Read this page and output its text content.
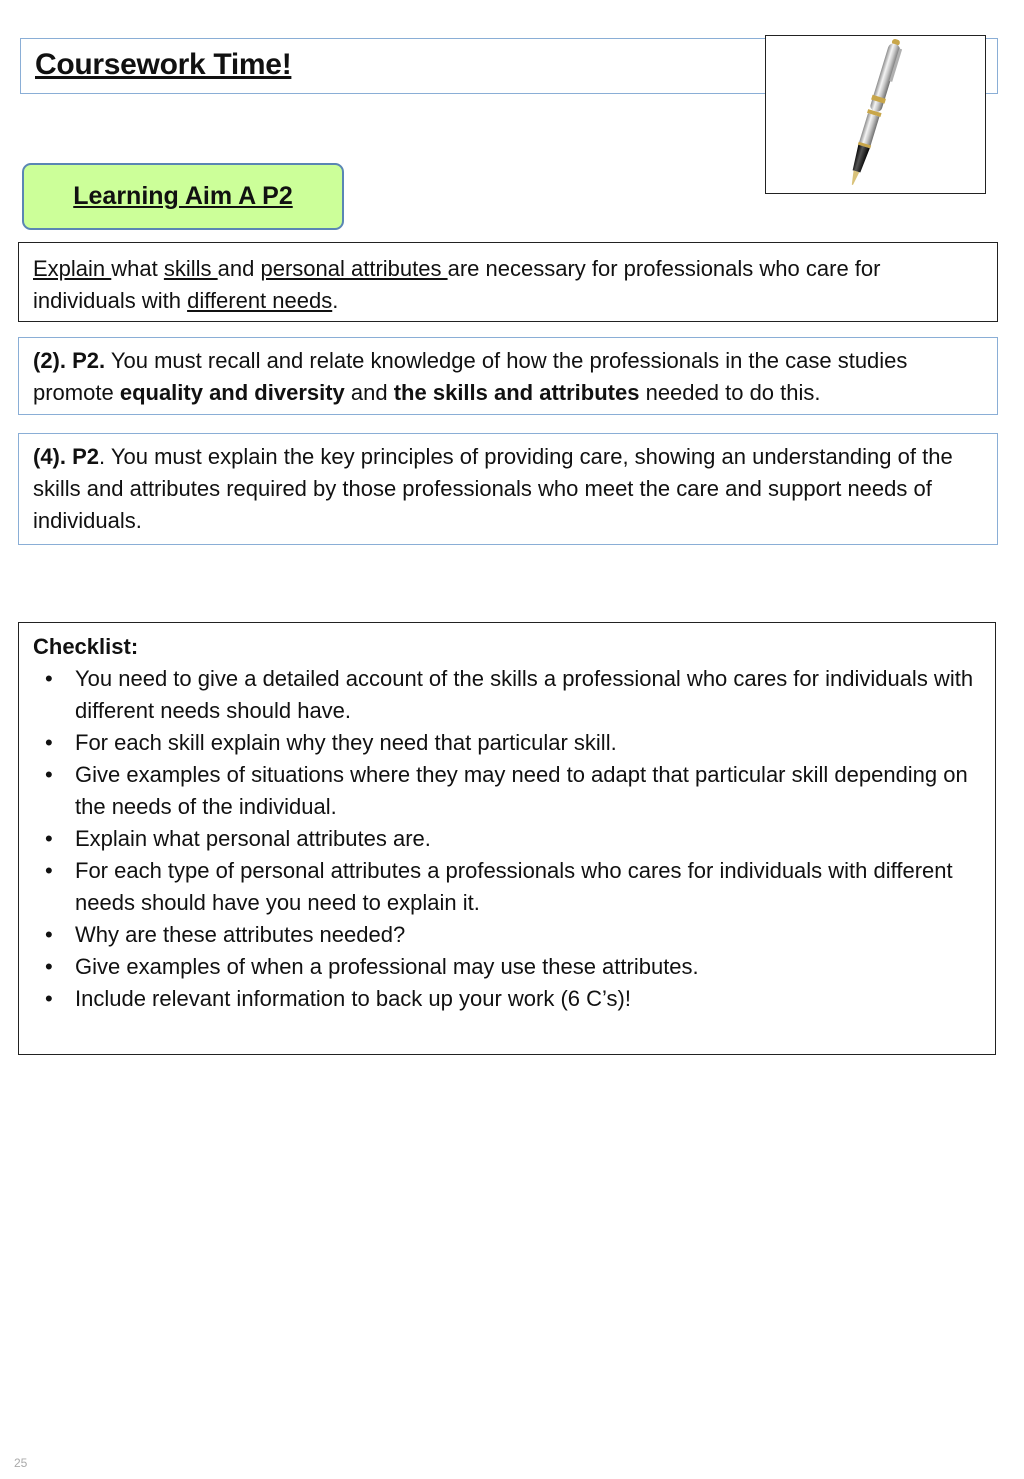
Coursework Time!
Learning Aim A P2
Explain what skills and personal attributes are necessary for professionals who care for individuals with different needs.
(2). P2. You must recall and relate knowledge of how the professionals in the case studies promote equality and diversity and the skills and attributes needed to do this.
(4). P2. You must explain the key principles of providing care, showing an understanding of the skills and attributes required by those professionals who meet the care and support needs of individuals.
Checklist:
• You need to give a detailed account of the skills a professional who cares for individuals with different needs should have.
• For each skill explain why they need that particular skill.
• Give examples of situations where they may need to adapt that particular skill depending on the needs of the individual.
• Explain what personal attributes are.
• For each type of personal attributes a professionals who cares for individuals with different needs should have you need to explain it.
• Why are these attributes needed?
• Give examples of when a professional may use these attributes.
• Include relevant information to back up your work (6 C’s)!
25
